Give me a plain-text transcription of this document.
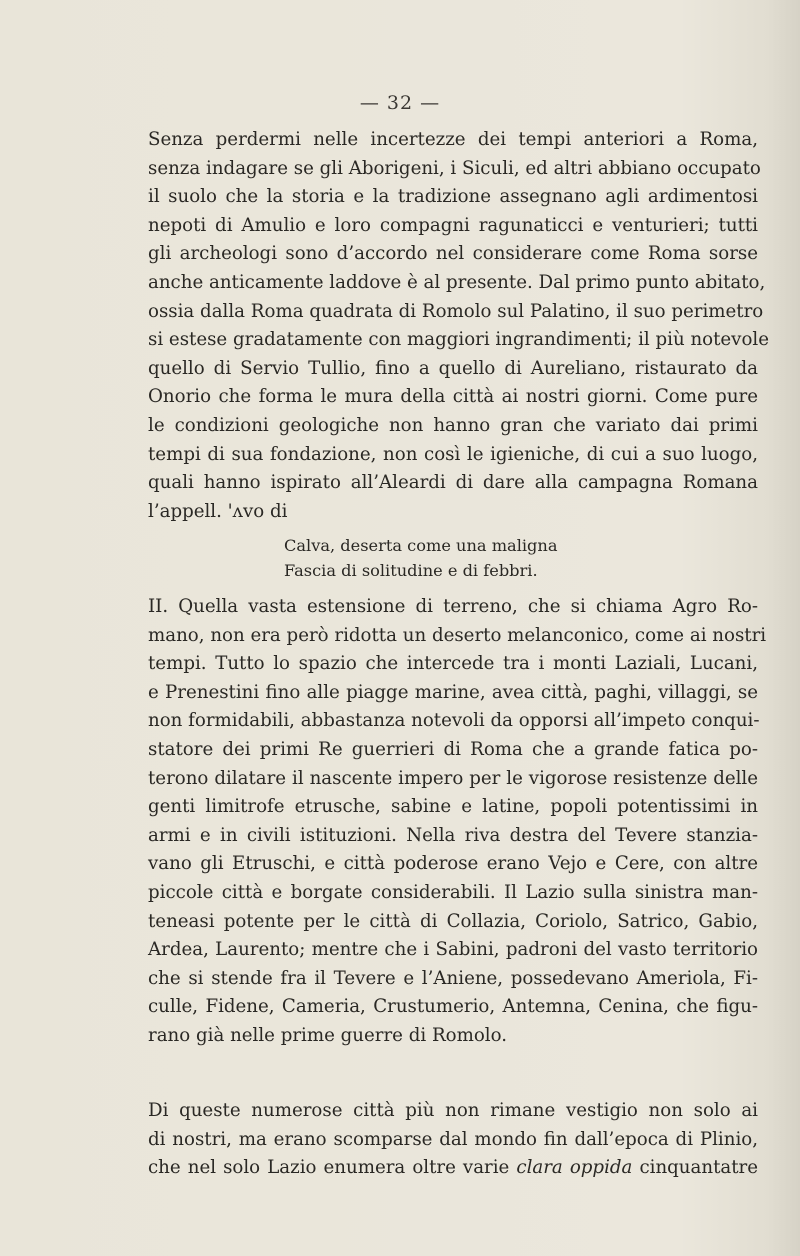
— 32 —
Senza perdermi nelle incertezze dei tempi anteriori a Roma,
senza indagare se gli Aborigeni, i Siculi, ed altri abbiano occupato
il suolo che la storia e la tradizione assegnano agli ardimentosi
nepoti di Amulio e loro compagni ragunaticci e venturieri; tutti
gli archeologi sono d’accordo nel considerare come Roma sorse
anche anticamente laddove è al presente. Dal primo punto abitato,
ossia dalla Roma quadrata di Romolo sul Palatino, il suo perimetro
si estese gradatamente con maggiori ingrandimenti; il più notevole
quello di Servio Tullio, fino a quello di Aureliano, ristaurato da
Onorio che forma le mura della città ai nostri giorni. Come pure
le condizioni geologiche non hanno gran che variato dai primi
tempi di sua fondazione, non così le igieniche, di cui a suo luogo,
quali hanno ispirato all’Aleardi di dare alla campagna Romana
l’appell. 'ʌvo di
Calva, deserta come una maligna
Fascia di solitudine e di febbri.
II. Quella vasta estensione di terreno, che si chiama Agro Ro-
mano, non era però ridotta un deserto melanconico, come ai nostri
tempi. Tutto lo spazio che intercede tra i monti Laziali, Lucani,
e Prenestini fino alle piagge marine, avea città, paghi, villaggi, se
non formidabili, abbastanza notevoli da opporsi all’impeto conqui-
statore dei primi Re guerrieri di Roma che a grande fatica po-
terono dilatare il nascente impero per le vigorose resistenze delle
genti limitrofe etrusche, sabine e latine, popoli potentissimi in
armi e in civili istituzioni. Nella riva destra del Tevere stanzia-
vano gli Etruschi, e città poderose erano Vejo e Cere, con altre
piccole città e borgate considerabili. Il Lazio sulla sinistra man-
teneasi potente per le città di Collazia, Coriolo, Satrico, Gabio,
Ardea, Laurento; mentre che i Sabini, padroni del vasto territorio
che si stende fra il Tevere e l’Aniene, possedevano Ameriola, Fi-
culle, Fidene, Cameria, Crustumerio, Antemna, Cenina, che figu-
rano già nelle prime guerre di Romolo.
Di queste numerose città più non rimane vestigio non solo ai
di nostri, ma erano scomparse dal mondo fin dall’epoca di Plinio,
che nel solo Lazio enumera oltre varie clara oppida cinquantatre
